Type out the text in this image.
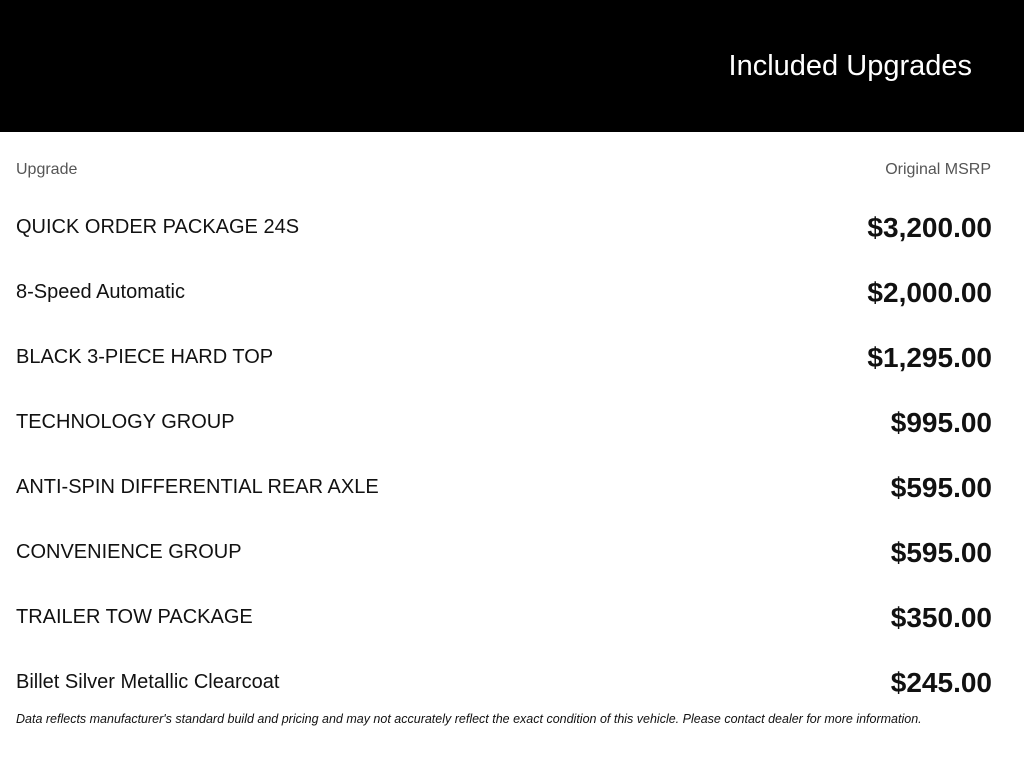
Included Upgrades
Upgrade	Original MSRP
QUICK ORDER PACKAGE 24S	$3,200.00
8-Speed Automatic	$2,000.00
BLACK 3-PIECE HARD TOP	$1,295.00
TECHNOLOGY GROUP	$995.00
ANTI-SPIN DIFFERENTIAL REAR AXLE	$595.00
CONVENIENCE GROUP	$595.00
TRAILER TOW PACKAGE	$350.00
Billet Silver Metallic Clearcoat	$245.00
Data reflects manufacturer's standard build and pricing and may not accurately reflect the exact condition of this vehicle. Please contact dealer for more information.
